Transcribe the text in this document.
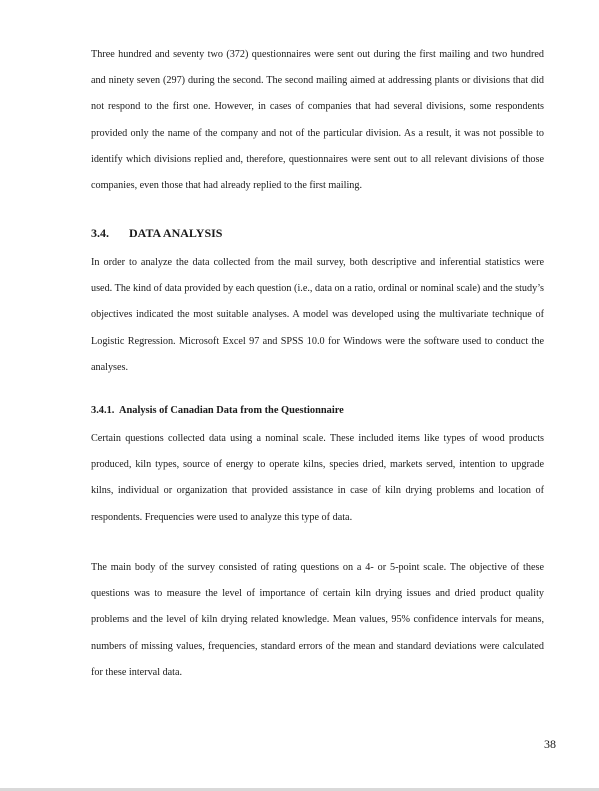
Three hundred and seventy two (372) questionnaires were sent out during the first mailing and two hundred and ninety seven (297) during the second. The second mailing aimed at addressing plants or divisions that did not respond to the first one. However, in cases of companies that had several divisions, some respondents provided only the name of the company and not of the particular division. As a result, it was not possible to identify which divisions replied and, therefore, questionnaires were sent out to all relevant divisions of those companies, even those that had already replied to the first mailing.

3.4. DATA ANALYSIS

In order to analyze the data collected from the mail survey, both descriptive and inferential statistics were used. The kind of data provided by each question (i.e., data on a ratio, ordinal or nominal scale) and the study’s objectives indicated the most suitable analyses. A model was developed using the multivariate technique of Logistic Regression. Microsoft Excel 97 and SPSS 10.0 for Windows were the software used to conduct the analyses.

3.4.1. Analysis of Canadian Data from the Questionnaire

Certain questions collected data using a nominal scale. These included items like types of wood products produced, kiln types, source of energy to operate kilns, species dried, markets served, intention to upgrade kilns, individual or organization that provided assistance in case of kiln drying problems and location of respondents. Frequencies were used to analyze this type of data.

The main body of the survey consisted of rating questions on a 4- or 5-point scale. The objective of these questions was to measure the level of importance of certain kiln drying issues and dried product quality problems and the level of kiln drying related knowledge. Mean values, 95% confidence intervals for means, numbers of missing values, frequencies, standard errors of the mean and standard deviations were calculated for these interval data.

38
